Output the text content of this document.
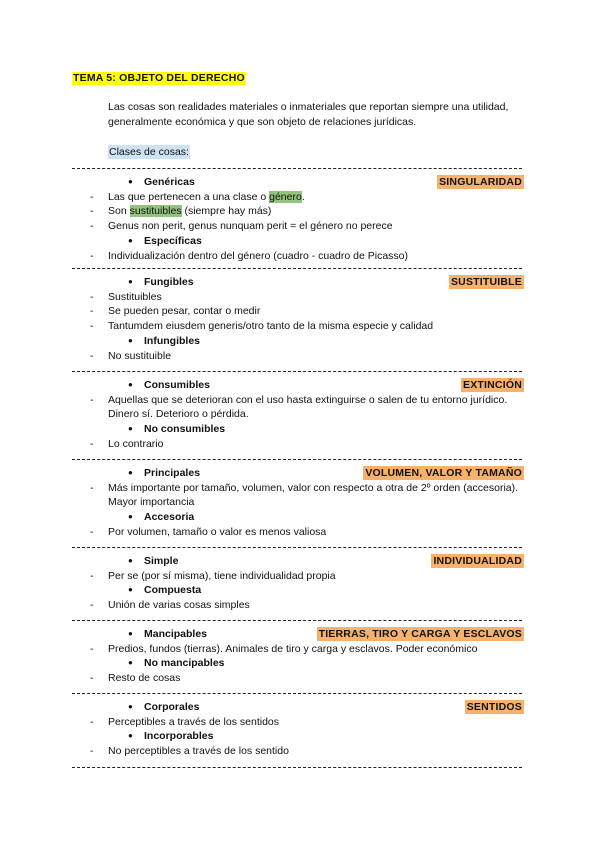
TEMA 5: OBJETO DEL DERECHO
Las cosas son realidades materiales o inmateriales que reportan siempre una utilidad, generalmente económica y que son objeto de relaciones jurídicas.
Clases de cosas:
● Genéricas	SINGULARIDAD
- Las que pertenecen a una clase o género.
- Son sustituibles (siempre hay más)
- Genus non perit, genus nunquam perit = el género no perece
● Específicas
- Individualización dentro del género (cuadro - cuadro de Picasso)
● Fungibles	SUSTITUIBLE
- Sustituibles
- Se pueden pesar, contar o medir
- Tantumdem eiusdem generis/otro tanto de la misma especie y calidad
● Infungibles
- No sustituible
● Consumibles	EXTINCIÓN
- Aquellas que se deterioran con el uso hasta extinguirse o salen de tu entorno jurídico. Dinero sí. Deterioro o pérdida.
● No consumibles
- Lo contrario
● Principales	VOLUMEN, VALOR Y TAMAÑO
- Más importante por tamaño, volumen, valor con respecto a otra de 2º orden (accesoria). Mayor importancia
● Accesoria
- Por volumen, tamaño o valor es menos valiosa
● Simple	INDIVIDUALIDAD
- Per se (por sí misma), tiene individualidad propia
● Compuesta
- Unión de varias cosas simples
● Mancipables	TIERRAS, TIRO Y CARGA Y ESCLAVOS
- Predios, fundos (tierras). Animales de tiro y carga y esclavos. Poder económico
● No mancipables
- Resto de cosas
● Corporales	SENTIDOS
- Perceptibles a través de los sentidos
● Incorporables
- No perceptibles a través de los sentido
